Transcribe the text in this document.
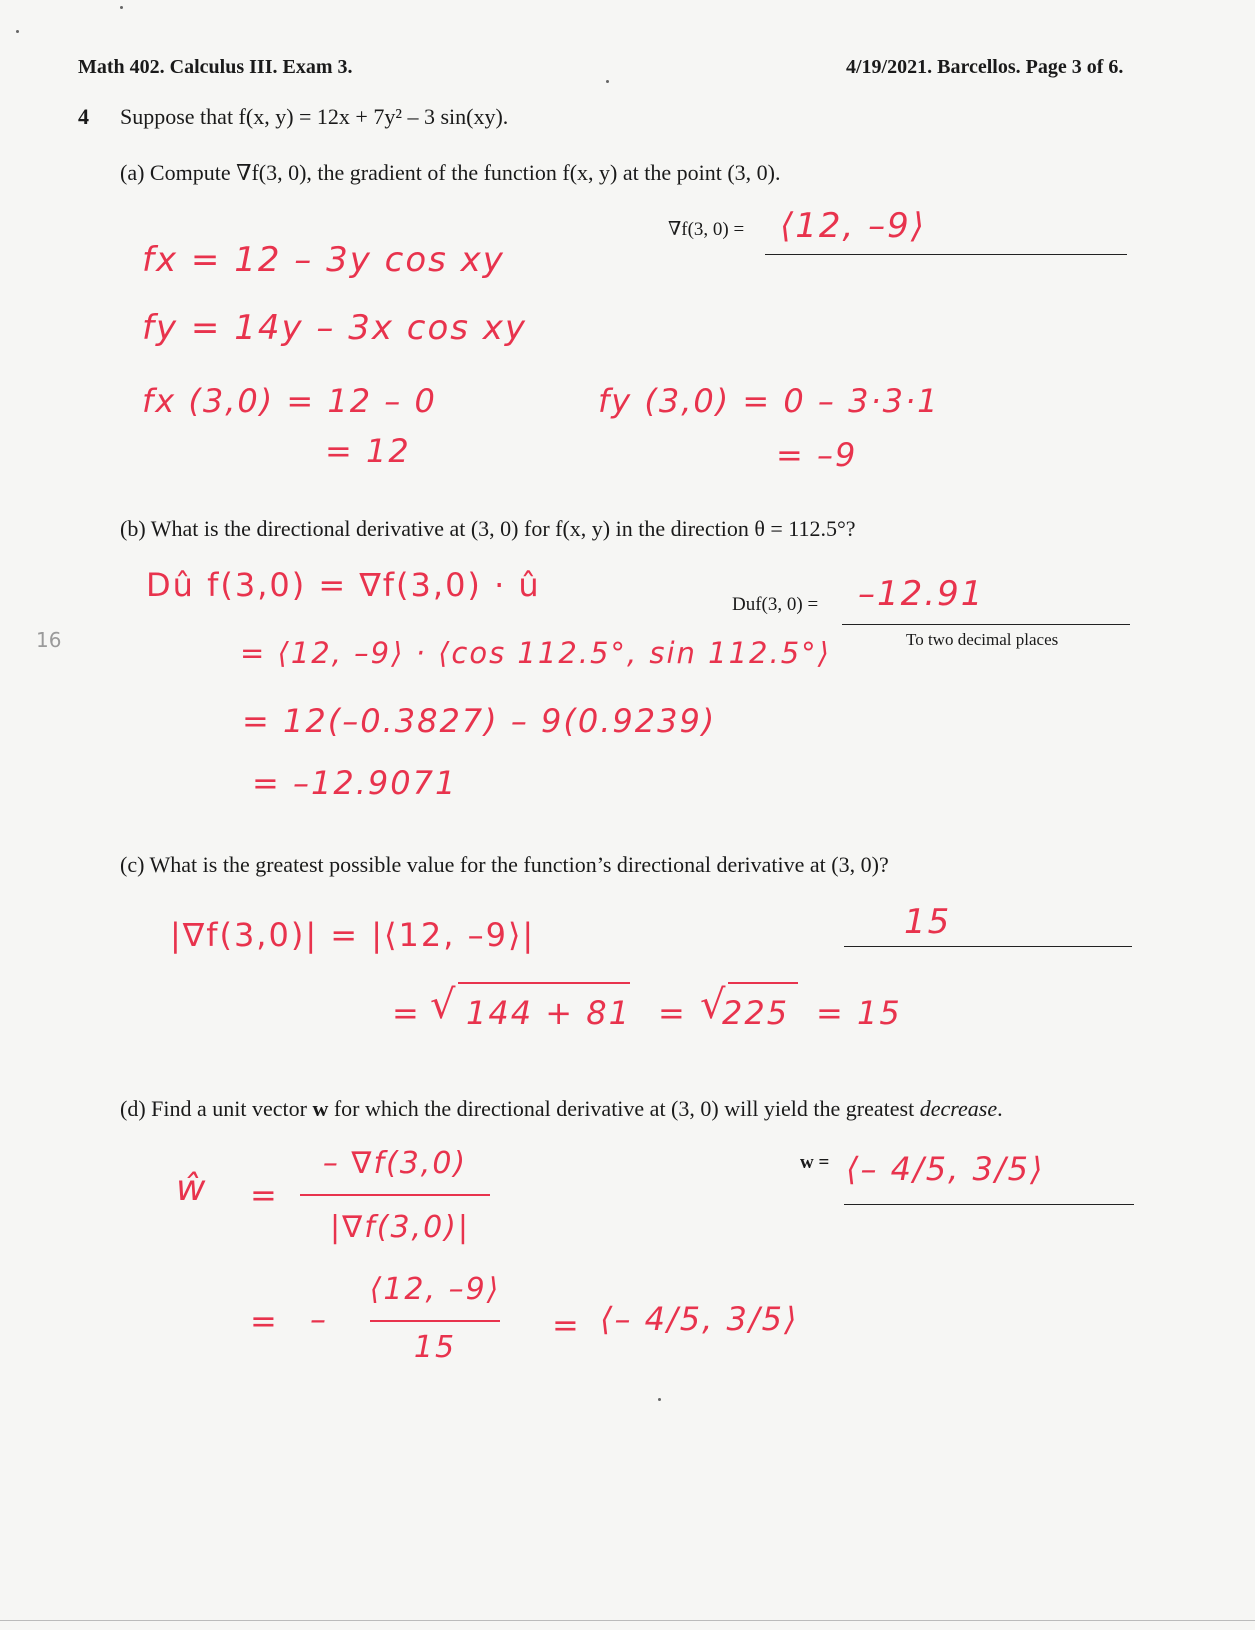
Math 402. Calculus III. Exam 3.	4/19/2021. Barcellos. Page 3 of 6.
4 Suppose that f(x, y) = 12x + 7y² – 3 sin(xy).
(a) Compute ∇f(3, 0), the gradient of the function f(x, y) at the point (3, 0).
∇f(3, 0) = ⟨12, –9⟩
fx = 12 – 3y cos xy
fy = 14y – 3x cos xy
fx (3,0) = 12 – 0
= 12
fy (3,0) = 0 – 3·3·1
= –9
(b) What is the directional derivative at (3, 0) for f(x, y) in the direction θ = 112.5°?
Duf(3, 0) = –12.91
To two decimal places
16
Dû f(3,0) = ∇f(3,0) · û
= ⟨12, –9⟩ · ⟨cos 112.5°, sin 112.5°⟩
= 12(–0.3827) – 9(0.9239)
= –12.9071
(c) What is the greatest possible value for the function’s directional derivative at (3, 0)?
15
|∇f(3,0)| = |⟨12, –9⟩|
= √ 144 + 81 = √
225 = 15
(d) Find a unit vector w for which the directional derivative at (3, 0) will yield the greatest decrease.
w = ⟨– 4/5, 3/5⟩
ŵ =
– ∇f(3,0)
|∇f(3,0)|
= –
⟨12, –9⟩
15
= ⟨– 4/5, 3/5⟩
